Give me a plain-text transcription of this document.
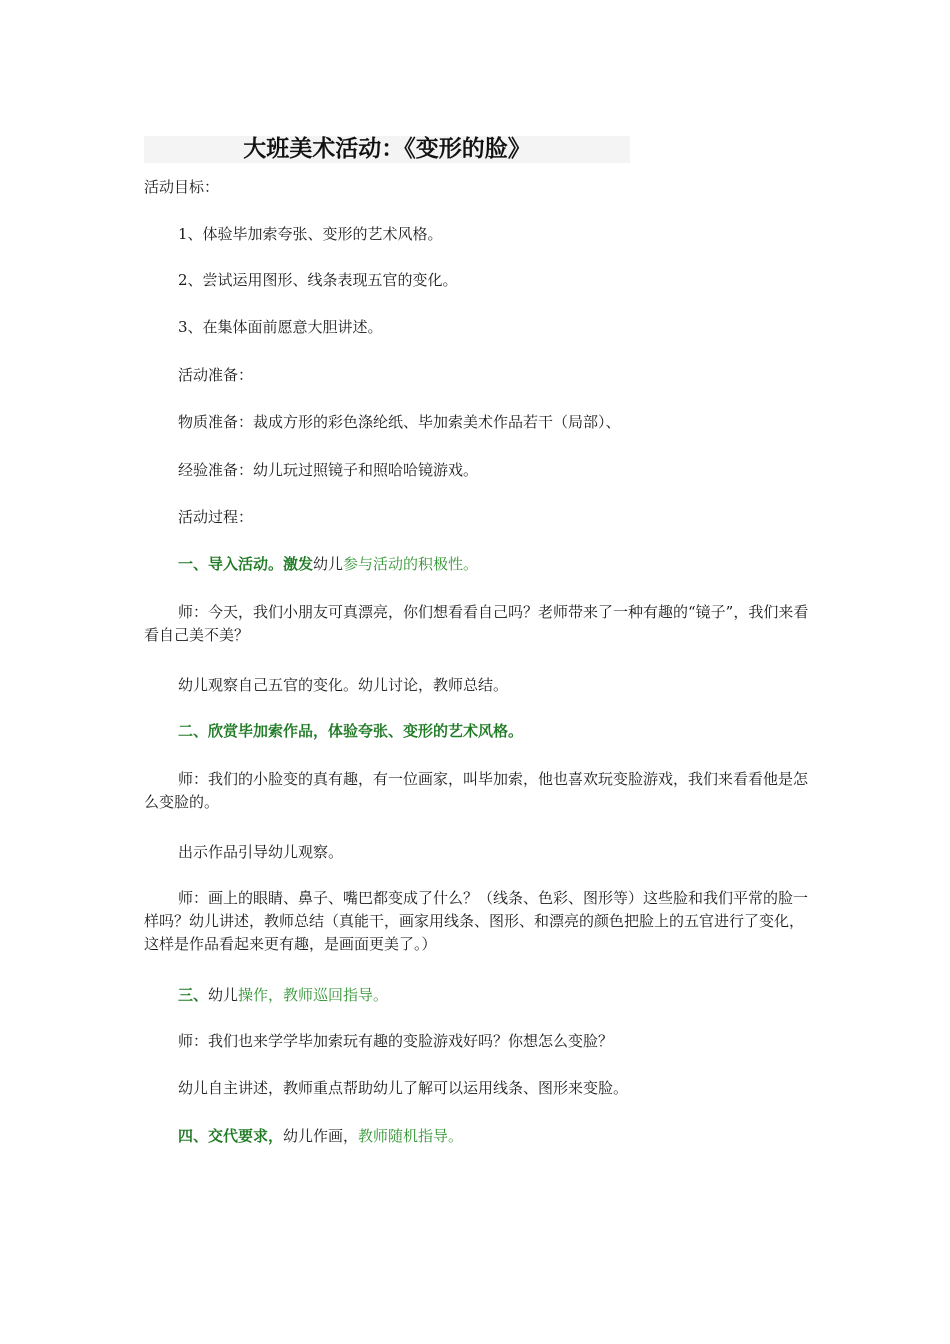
大班美术活动：《变形的脸》
活动目标：
1、体验毕加索夸张、变形的艺术风格。
2、尝试运用图形、线条表现五官的变化。
3、在集体面前愿意大胆讲述。
活动准备：
物质准备：裁成方形的彩色涤纶纸、毕加索美术作品若干（局部）、
经验准备：幼儿玩过照镜子和照哈哈镜游戏。
活动过程：
一、导入活动。激发幼儿参与活动的积极性。
师：今天，我们小朋友可真漂亮，你们想看看自己吗？老师带来了一种有趣的“镜子”，我们来看看自己美不美？
幼儿观察自己五官的变化。幼儿讨论，教师总结。
二、欣赏毕加索作品，体验夸张、变形的艺术风格。
师：我们的小脸变的真有趣，有一位画家，叫毕加索，他也喜欢玩变脸游戏，我们来看看他是怎么变脸的。
出示作品引导幼儿观察。
师：画上的眼睛、鼻子、嘴巴都变成了什么？（线条、色彩、图形等）这些脸和我们平常的脸一样吗？幼儿讲述，教师总结（真能干，画家用线条、图形、和漂亮的颜色把脸上的五官进行了变化，这样是作品看起来更有趣，是画面更美了。）
三、幼儿操作，教师巡回指导。
师：我们也来学学毕加索玩有趣的变脸游戏好吗？你想怎么变脸？
幼儿自主讲述，教师重点帮助幼儿了解可以运用线条、图形来变脸。
四、交代要求，幼儿作画，教师随机指导。
